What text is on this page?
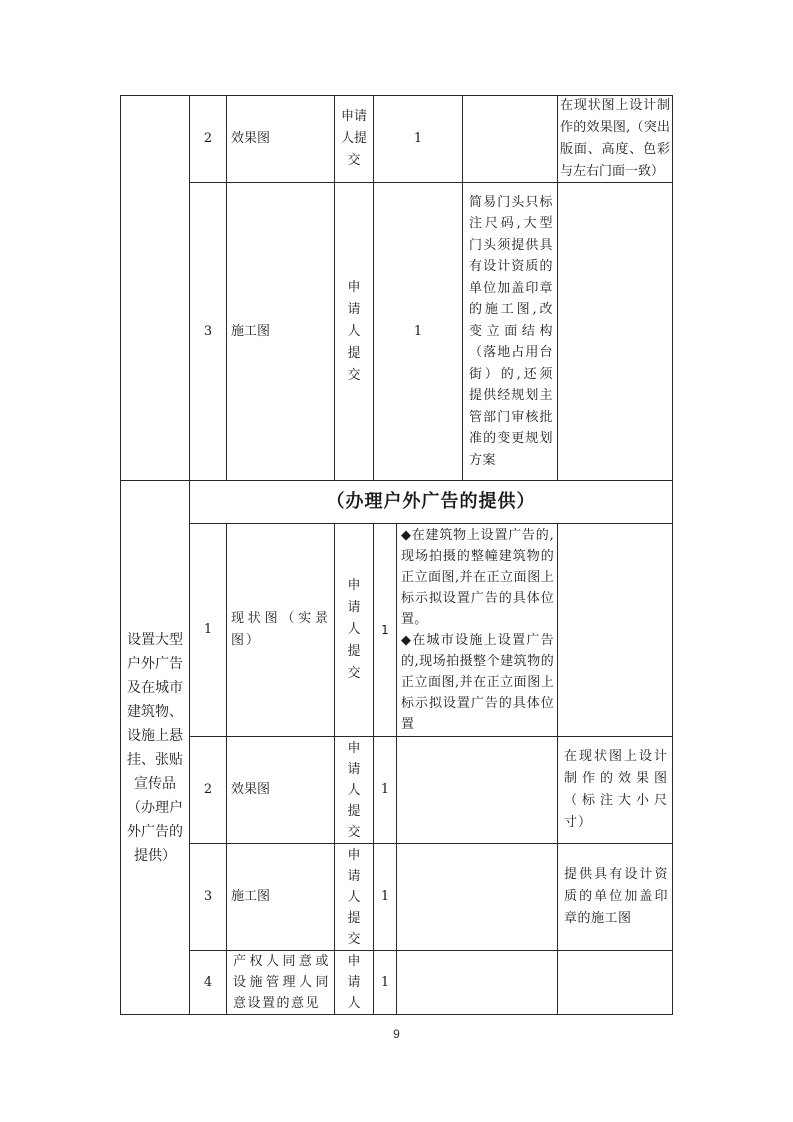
2 效果图
申请人提交
1
在现状图上设计制作的效果图,（突出版面、高度、色彩与左右门面一致）
3 施工图
申请人提交
1
简易门头只标注尺码,大型门头须提供具有设计资质的单位加盖印章的施工图,改变立面结构（落地占用台街）的,还须提供经规划主管部门审核批准的变更规划方案
设置大型户外广告及在城市建筑物、设施上悬挂、张贴宣传品（办理户外广告的提供）
（办理户外广告的提供）
1
现状图（实景图）
申请人提交
1
◆在建筑物上设置广告的,现场拍摄的整幢建筑物的正立面图,并在正立面图上标示拟设置广告的具体位置。
◆在城市设施上设置广告的,现场拍摄整个建筑物的正立面图,并在正立面图上标示拟设置广告的具体位置
2 效果图
申请人提交
1
在现状图上设计制作的效果图（标注大小尺寸）
3 施工图
申请人提交
1
提供具有设计资质的单位加盖印章的施工图
4
产权人同意或设施管理人同意设置的意见
申请人
1
9
